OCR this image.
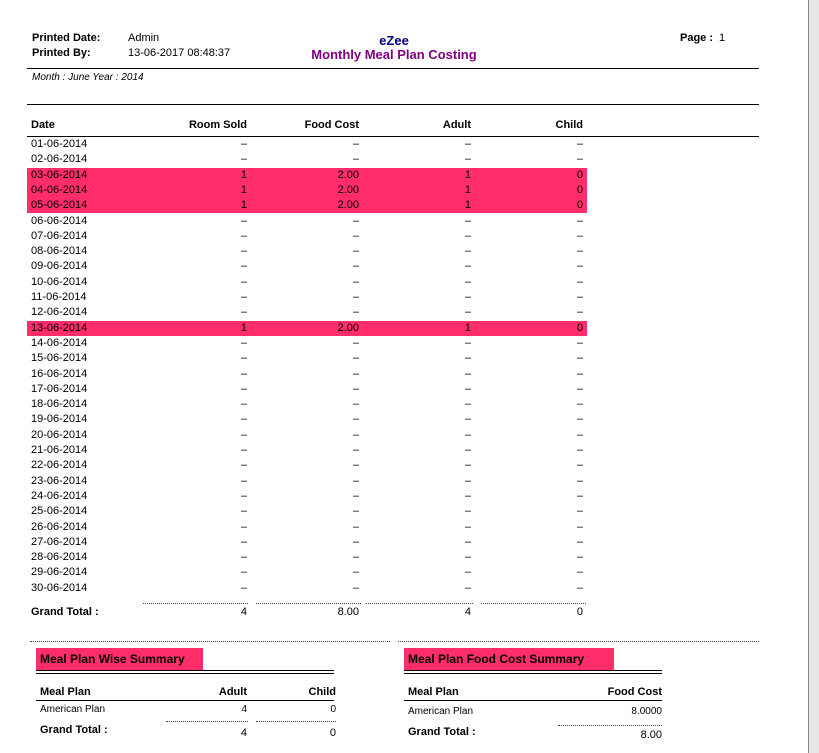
Printed Date:	Admin
Printed By:	13-06-2017 08:48:37
eZee
Monthly Meal Plan Costing
Page : 1
Month : June Year : 2014
Date	Room Sold	Food Cost	Adult	Child
01-06-2014	–	–	–	–
02-06-2014	–	–	–	–
03-06-2014	1	2.00	1	0
04-06-2014	1	2.00	1	0
05-06-2014	1	2.00	1	0
06-06-2014	–	–	–	–
07-06-2014	–	–	–	–
08-06-2014	–	–	–	–
09-06-2014	–	–	–	–
10-06-2014	–	–	–	–
11-06-2014	–	–	–	–
12-06-2014	–	–	–	–
13-06-2014	1	2.00	1	0
14-06-2014	–	–	–	–
15-06-2014	–	–	–	–
16-06-2014	–	–	–	–
17-06-2014	–	–	–	–
18-06-2014	–	–	–	–
19-06-2014	–	–	–	–
20-06-2014	–	–	–	–
21-06-2014	–	–	–	–
22-06-2014	–	–	–	–
23-06-2014	–	–	–	–
24-06-2014	–	–	–	–
25-06-2014	–	–	–	–
26-06-2014	–	–	–	–
27-06-2014	–	–	–	–
28-06-2014	–	–	–	–
29-06-2014	–	–	–	–
30-06-2014	–	–	–	–
Grand Total :	4	8.00	4	0
Meal Plan Wise Summary
Meal Plan	Adult	Child
American Plan	4	0
Grand Total :	4	0
Meal Plan Food Cost Summary
Meal Plan	Food Cost
American Plan	8.0000
Grand Total :	8.00
